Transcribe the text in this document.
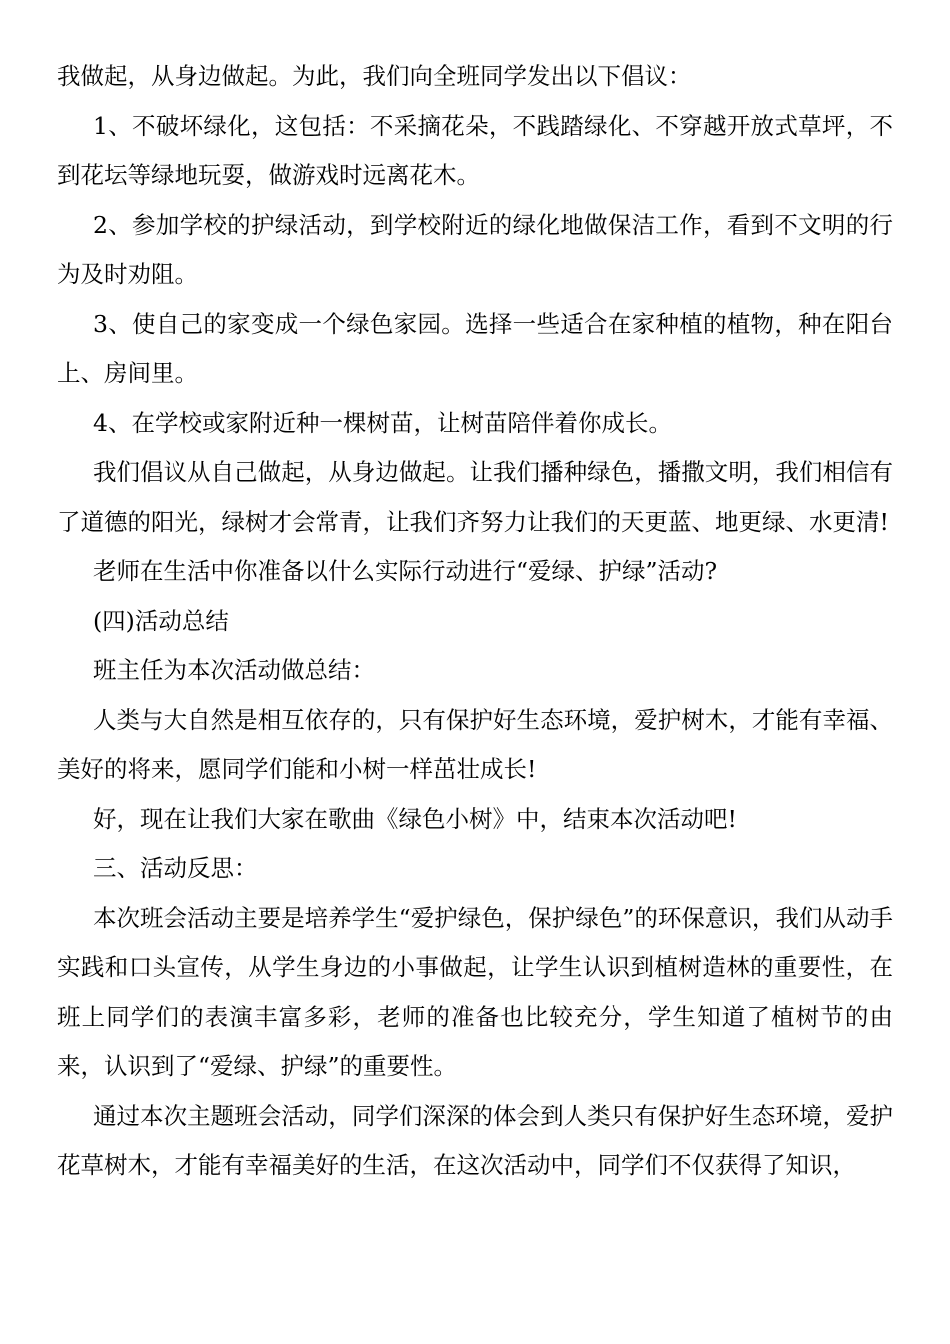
我做起，从身边做起。为此，我们向全班同学发出以下倡议：

1、不破坏绿化，这包括：不采摘花朵，不践踏绿化、不穿越开放式草坪，不到花坛等绿地玩耍，做游戏时远离花木。

2、参加学校的护绿活动，到学校附近的绿化地做保洁工作，看到不文明的行为及时劝阻。

3、使自己的家变成一个绿色家园。选择一些适合在家种植的植物，种在阳台上、房间里。

4、在学校或家附近种一棵树苗，让树苗陪伴着你成长。

我们倡议从自己做起，从身边做起。让我们播种绿色，播撒文明，我们相信有了道德的阳光，绿树才会常青，让我们齐努力让我们的天更蓝、地更绿、水更清!

老师在生活中你准备以什么实际行动进行“爱绿、护绿”活动?

(四)活动总结

班主任为本次活动做总结：

人类与大自然是相互依存的，只有保护好生态环境，爱护树木，才能有幸福、美好的将来，愿同学们能和小树一样茁壮成长!

好，现在让我们大家在歌曲《绿色小树》中，结束本次活动吧!

三、活动反思：

本次班会活动主要是培养学生“爱护绿色，保护绿色”的环保意识，我们从动手实践和口头宣传，从学生身边的小事做起，让学生认识到植树造林的重要性，在班上同学们的表演丰富多彩，老师的准备也比较充分，学生知道了植树节的由来，认识到了“爱绿、护绿”的重要性。

通过本次主题班会活动，同学们深深的体会到人类只有保护好生态环境，爱护花草树木，才能有幸福美好的生活，在这次活动中，同学们不仅获得了知识，
